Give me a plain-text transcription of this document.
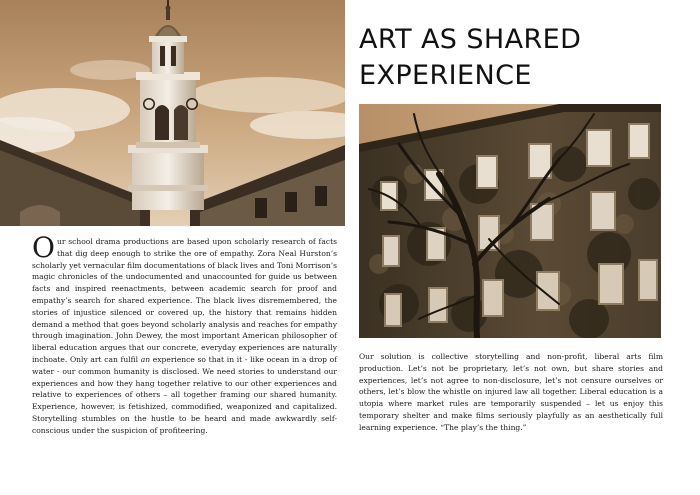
ART AS SHARED
EXPERIENCE

Our school drama productions are based upon scholarly research of facts that dig deep enough to strike the ore of empathy. Zora Neal Hurston’s scholarly yet vernacular film documentations of black lives and Toni Morrison’s magic chronicles of the undocumented and unaccounted for guide us between facts and inspired reenactments, between academic search for proof and empathy’s search for shared experience. The black lives disremembered, the stories of injustice silenced or covered up, the history that remains hidden demand a method that goes beyond scholarly analysis and reaches for empathy through imagination. John Dewey, the most important American philosopher of liberal education argues that our concrete, everyday experiences are naturally inchoate. Only art can fulfil an experience so that in it - like ocean in a drop of water - our common humanity is disclosed. We need stories to understand our experiences and how they hang together relative to our other experiences and relative to experiences of others – all together framing our shared humanity. Experience, however, is fetishized, commodified, weaponized and capitalized. Storytelling stumbles on the hustle to be heard and made awkwardly self-conscious under the suspicion of profiteering.

Our solution is collective storytelling and non-profit, liberal arts film production. Let’s not be proprietary, let’s not own, but share stories and experiences, let’s not agree to non-disclosure, let’s not censure ourselves or others, let’s blow the whistle on injured law all together. Liberal education is a utopia where market rules are temporarily suspended – let us enjoy this temporary shelter and make films seriously playfully as an aesthetically full learning experience. “The play’s the thing.”
